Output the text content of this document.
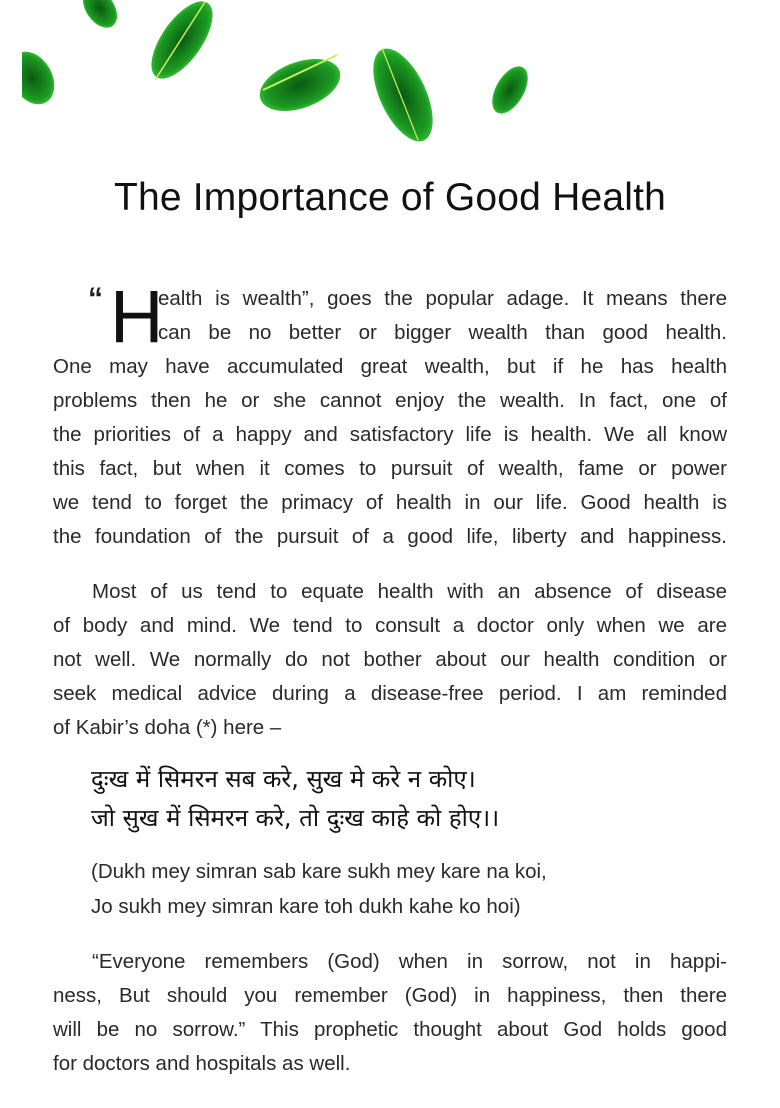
The Importance of Good Health
“ H
ealth is wealth”, goes the popular adage. It means there
can be no better or bigger wealth than good health.
One may have accumulated great wealth, but if he has health
problems then he or she cannot enjoy the wealth. In fact, one of
the priorities of a happy and satisfactory life is health. We all know
this fact, but when it comes to pursuit of wealth, fame or power
we tend to forget the primacy of health in our life. Good health is
the foundation of the pursuit of a good life, liberty and happiness.
Most of us tend to equate health with an absence of disease
of body and mind. We tend to consult a doctor only when we are
not well. We normally do not bother about our health condition or
seek medical advice during a disease-free period. I am reminded
of Kabir’s doha (*) here –
दुःख में सिमरन सब करे, सुख मे करे न कोए।
जो सुख में सिमरन करे, तो दुःख काहे को होए।।
(Dukh mey simran sab kare sukh mey kare na koi,
Jo sukh mey simran kare toh dukh kahe ko hoi)
“Everyone remembers (God) when in sorrow, not in happi-
ness, But should you remember (God) in happiness, then there
will be no sorrow.” This prophetic thought about God holds good
for doctors and hospitals as well.
